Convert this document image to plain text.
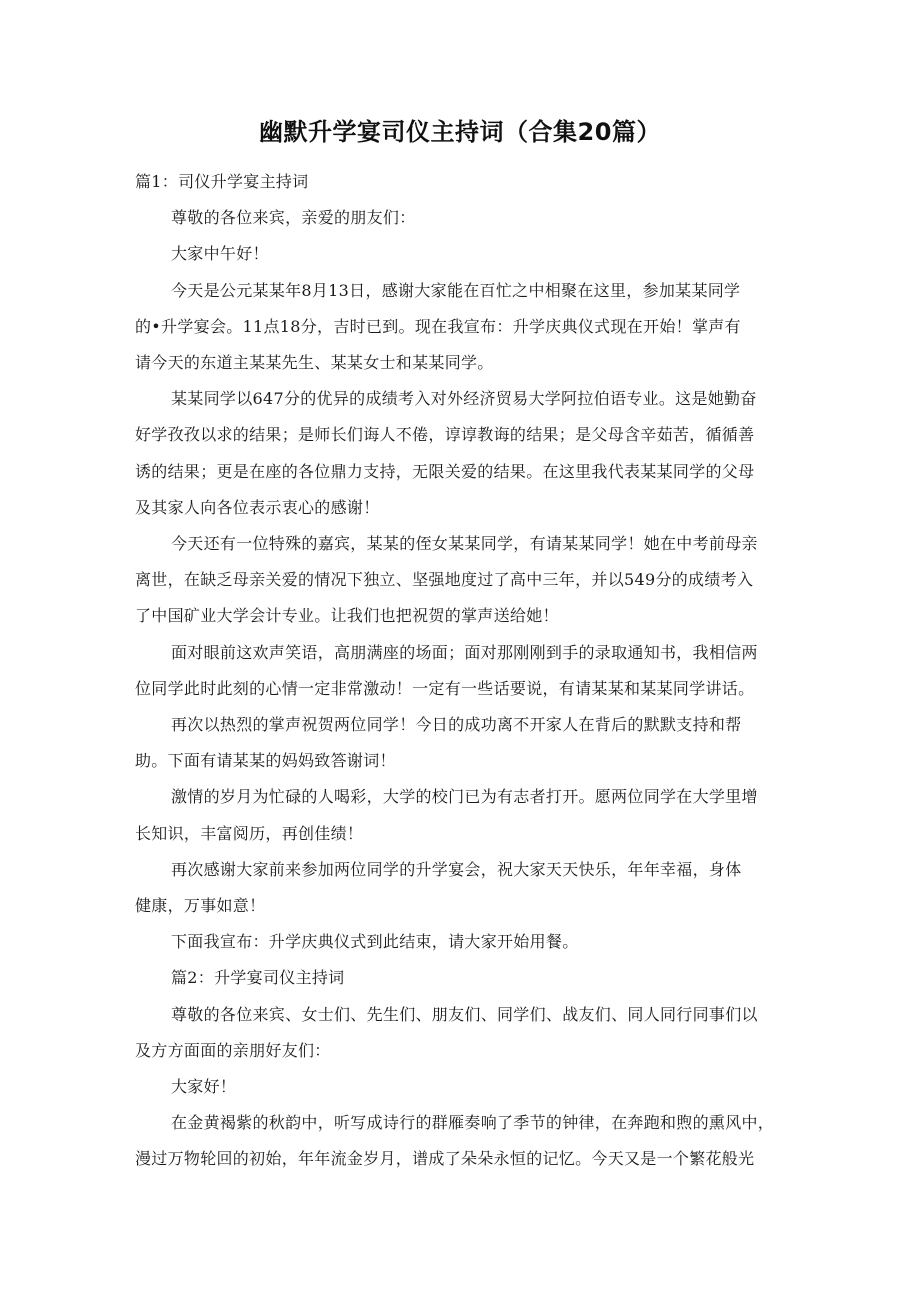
幽默升学宴司仪主持词（合集20篇）

篇1：司仪升学宴主持词

尊敬的各位来宾，亲爱的朋友们：

大家中午好！

今天是公元某某年8月13日，感谢大家能在百忙之中相聚在这里，参加某某同学

的•升学宴会。11点18分，吉时已到。现在我宣布：升学庆典仪式现在开始！掌声有

请今天的东道主某某先生、某某女士和某某同学。

某某同学以647分的优异的成绩考入对外经济贸易大学阿拉伯语专业。这是她勤奋

好学孜孜以求的结果；是师长们诲人不倦，谆谆教诲的结果；是父母含辛茹苦，循循善

诱的结果；更是在座的各位鼎力支持，无限关爱的结果。在这里我代表某某同学的父母

及其家人向各位表示衷心的感谢！

今天还有一位特殊的嘉宾，某某的侄女某某同学，有请某某同学！她在中考前母亲

离世，在缺乏母亲关爱的情况下独立、坚强地度过了高中三年，并以549分的成绩考入

了中国矿业大学会计专业。让我们也把祝贺的掌声送给她！

面对眼前这欢声笑语，高朋满座的场面；面对那刚刚到手的录取通知书，我相信两

位同学此时此刻的心情一定非常激动！一定有一些话要说，有请某某和某某同学讲话。

再次以热烈的掌声祝贺两位同学！今日的成功离不开家人在背后的默默支持和帮

助。下面有请某某的妈妈致答谢词！

激情的岁月为忙碌的人喝彩，大学的校门已为有志者打开。愿两位同学在大学里增

长知识，丰富阅历，再创佳绩！

再次感谢大家前来参加两位同学的升学宴会，祝大家天天快乐，年年幸福，身体

健康，万事如意！

下面我宣布：升学庆典仪式到此结束，请大家开始用餐。

篇2：升学宴司仪主持词

尊敬的各位来宾、女士们、先生们、朋友们、同学们、战友们、同人同行同事们以

及方方面面的亲朋好友们：

大家好！

在金黄褐紫的秋韵中，听写成诗行的群雁奏响了季节的钟律，在奔跑和煦的熏风中，

漫过万物轮回的初始，年年流金岁月，谱成了朵朵永恒的记忆。今天又是一个繁花般光
